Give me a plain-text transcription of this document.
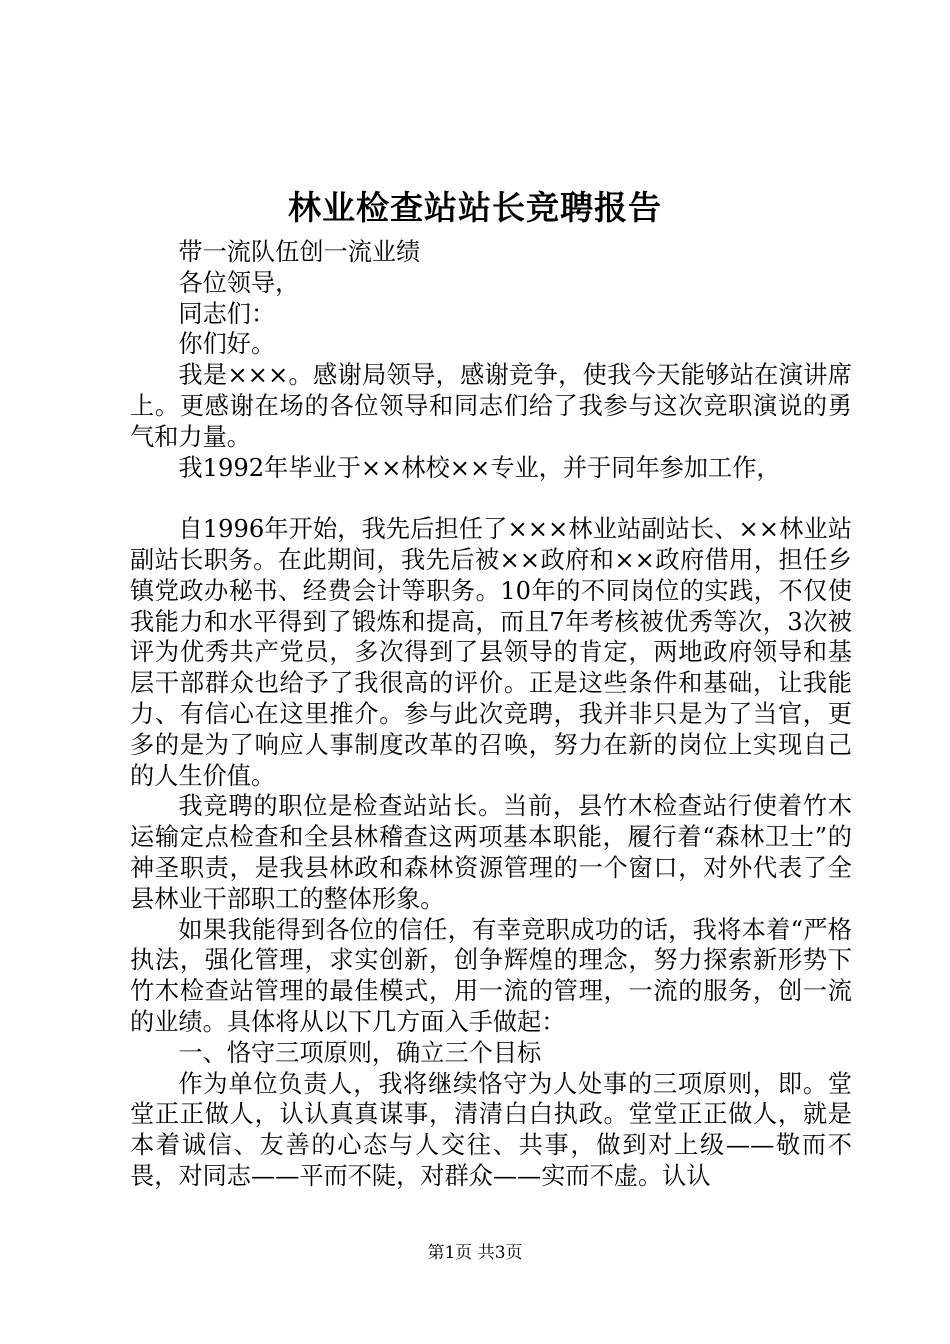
林业检查站站长竞聘报告

带一流队伍创一流业绩

各位领导，

同志们：

你们好。

我是×××。感谢局领导，感谢竞争，使我今天能够站在演讲席上。更感谢在场的各位领导和同志们给了我参与这次竞职演说的勇气和力量。

我1992年毕业于××林校××专业，并于同年参加工作，

自1996年开始，我先后担任了×××林业站副站长、××林业站副站长职务。在此期间，我先后被××政府和××政府借用，担任乡镇党政办秘书、经费会计等职务。10年的不同岗位的实践，不仅使我能力和水平得到了锻炼和提高，而且7年考核被优秀等次，3次被评为优秀共产党员，多次得到了县领导的肯定，两地政府领导和基层干部群众也给予了我很高的评价。正是这些条件和基础，让我能力、有信心在这里推介。参与此次竞聘，我并非只是为了当官，更多的是为了响应人事制度改革的召唤，努力在新的岗位上实现自己的人生价值。

我竞聘的职位是检查站站长。当前，县竹木检查站行使着竹木运输定点检查和全县林稽查这两项基本职能，履行着“森林卫士”的神圣职责，是我县林政和森林资源管理的一个窗口，对外代表了全县林业干部职工的整体形象。

如果我能得到各位的信任，有幸竞职成功的话，我将本着“严格执法，强化管理，求实创新，创争辉煌的理念，努力探索新形势下竹木检查站管理的最佳模式，用一流的管理，一流的服务，创一流的业绩。具体将从以下几方面入手做起：

一、恪守三项原则，确立三个目标

作为单位负责人，我将继续恪守为人处事的三项原则，即。堂堂正正做人，认认真真谋事，清清白白执政。堂堂正正做人，就是本着诚信、友善的心态与人交往、共事，做到对上级——敬而不畏，对同志——平而不陡，对群众——实而不虚。认认

第1页 共3页
